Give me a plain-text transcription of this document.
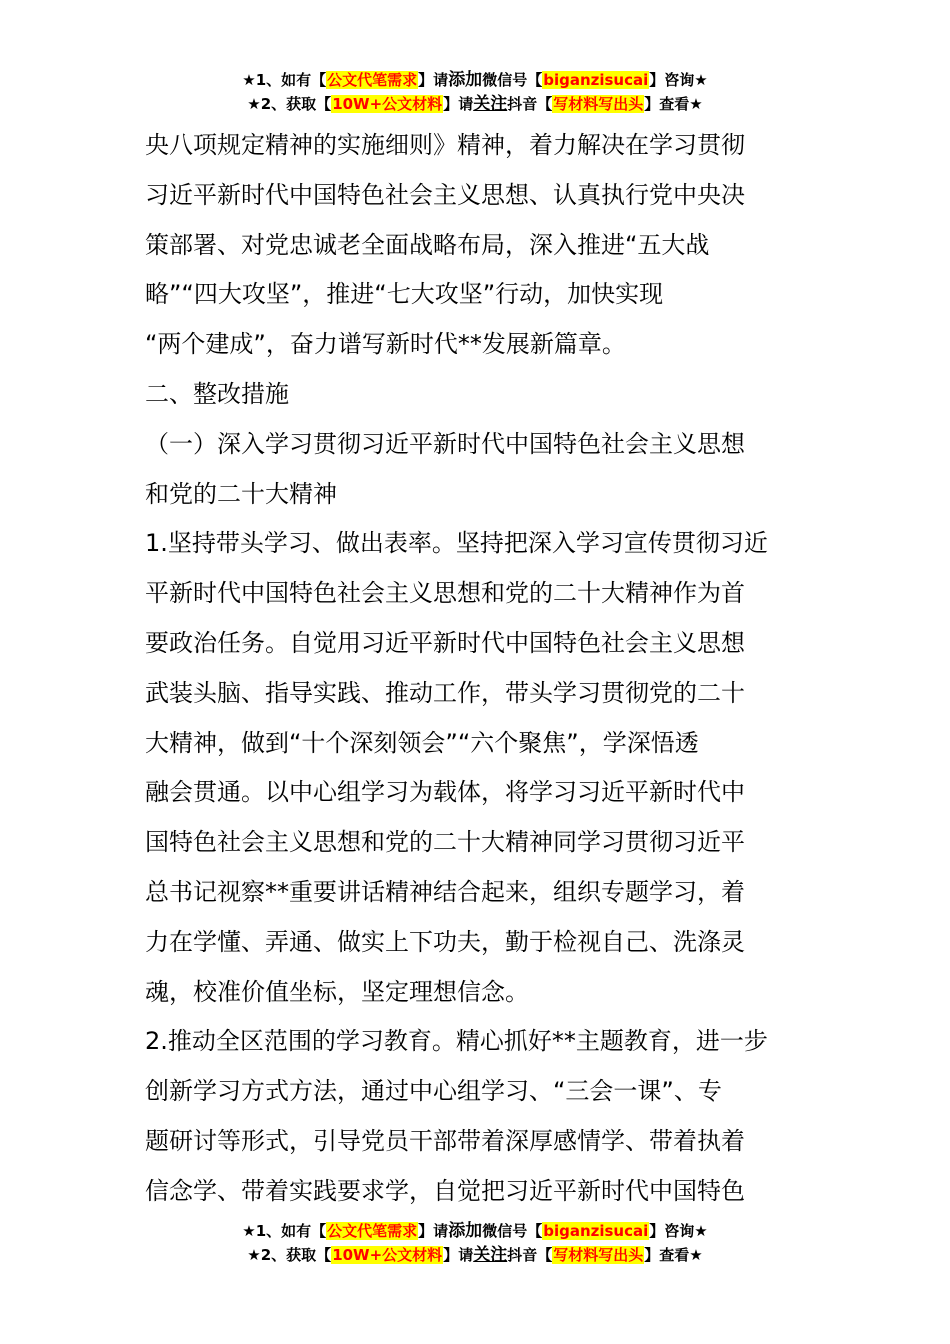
★1、如有【公文代笔需求】请添加微信号【biganzisucai】咨询★
★2、获取【10W+公文材料】请关注抖音【写材料写出头】查看★

央八项规定精神的实施细则》精神，着力解决在学习贯彻

习近平新时代中国特色社会主义思想、认真执行党中央决

策部署、对党忠诚老全面战略布局，深入推进“五大战

略”“四大攻坚”，推进“七大攻坚”行动，加快实现

“两个建成”，奋力谱写新时代**发展新篇章。

二、整改措施

（一）深入学习贯彻习近平新时代中国特色社会主义思想

和党的二十大精神

1.坚持带头学习、做出表率。坚持把深入学习宣传贯彻习近

平新时代中国特色社会主义思想和党的二十大精神作为首

要政治任务。自觉用习近平新时代中国特色社会主义思想

武装头脑、指导实践、推动工作，带头学习贯彻党的二十

大精神，做到“十个深刻领会”“六个聚焦”，学深悟透

融会贯通。以中心组学习为载体，将学习习近平新时代中

国特色社会主义思想和党的二十大精神同学习贯彻习近平

总书记视察**重要讲话精神结合起来，组织专题学习，着

力在学懂、弄通、做实上下功夫，勤于检视自己、洗涤灵

魂，校准价值坐标，坚定理想信念。

2.推动全区范围的学习教育。精心抓好**主题教育，进一步

创新学习方式方法，通过中心组学习、“三会一课”、专

题研讨等形式，引导党员干部带着深厚感情学、带着执着

信念学、带着实践要求学，自觉把习近平新时代中国特色

★1、如有【公文代笔需求】请添加微信号【biganzisucai】咨询★
★2、获取【10W+公文材料】请关注抖音【写材料写出头】查看★
